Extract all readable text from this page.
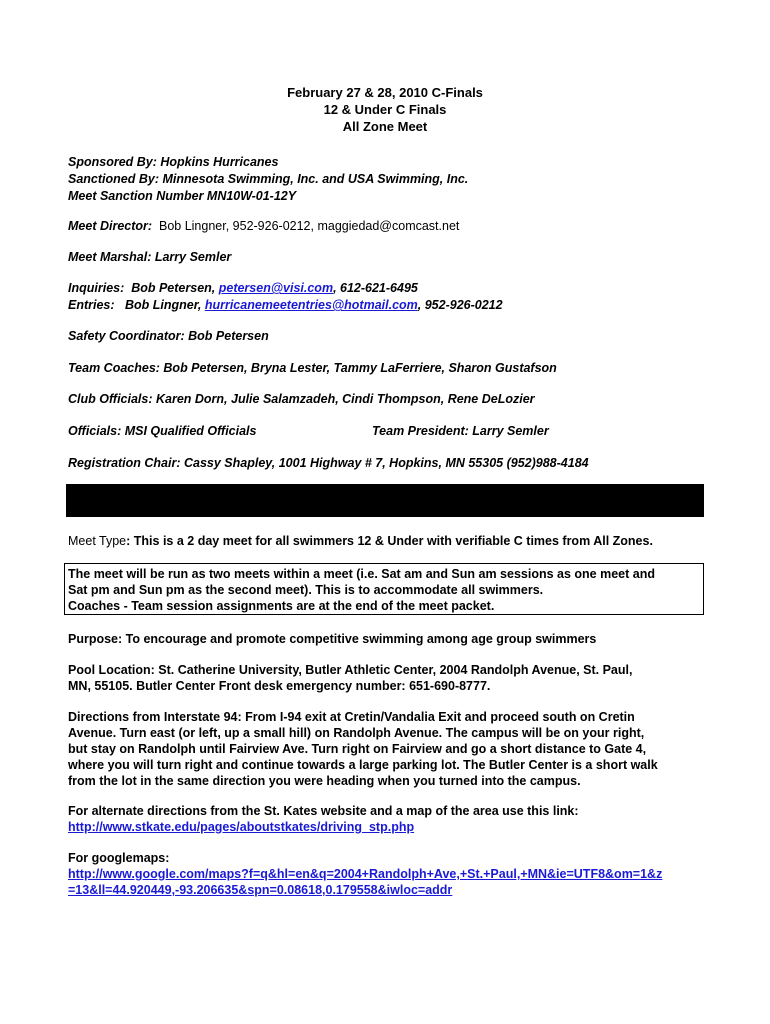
February 27 & 28, 2010 C-Finals
12 & Under C Finals
All Zone Meet
Sponsored By: Hopkins Hurricanes
Sanctioned By: Minnesota Swimming, Inc. and USA Swimming, Inc.
Meet Sanction Number MN10W-01-12Y
Meet Director:  Bob Lingner, 952-926-0212, maggiedad@comcast.net
Meet Marshal: Larry Semler
Inquiries:  Bob Petersen, petersen@visi.com, 612-621-6495
Entries:   Bob Lingner, hurricanemeetentries@hotmail.com, 952-926-0212
Safety Coordinator: Bob Petersen
Team Coaches: Bob Petersen, Bryna Lester, Tammy LaFerriere, Sharon Gustafson
Club Officials: Karen Dorn, Julie Salamzadeh, Cindi Thompson, Rene DeLozier
Officials: MSI Qualified Officials	Team President: Larry Semler
Registration Chair: Cassy Shapley, 1001 Highway # 7, Hopkins, MN 55305 (952)988-4184
Meet Type: This is a 2 day meet for all swimmers 12 & Under with verifiable C times from All Zones.
The meet will be run as two meets within a meet (i.e. Sat am and Sun am sessions as one meet and
Sat pm and Sun pm as the second meet). This is to accommodate all swimmers.
Coaches - Team session assignments are at the end of the meet packet.
Purpose: To encourage and promote competitive swimming among age group swimmers
Pool Location: St. Catherine University, Butler Athletic Center, 2004 Randolph Avenue, St. Paul,
MN, 55105. Butler Center Front desk emergency number: 651-690-8777.
Directions from Interstate 94: From I-94 exit at Cretin/Vandalia Exit and proceed south on Cretin
Avenue. Turn east (or left, up a small hill) on Randolph Avenue. The campus will be on your right,
but stay on Randolph until Fairview Ave. Turn right on Fairview and go a short distance to Gate 4,
where you will turn right and continue towards a large parking lot. The Butler Center is a short walk
from the lot in the same direction you were heading when you turned into the campus.
For alternate directions from the St. Kates website and a map of the area use this link:
http://www.stkate.edu/pages/aboutstkates/driving_stp.php
For googlemaps:
http://www.google.com/maps?f=q&hl=en&q=2004+Randolph+Ave,+St.+Paul,+MN&ie=UTF8&om=1&z
=13&ll=44.920449,-93.206635&spn=0.08618,0.179558&iwloc=addr
